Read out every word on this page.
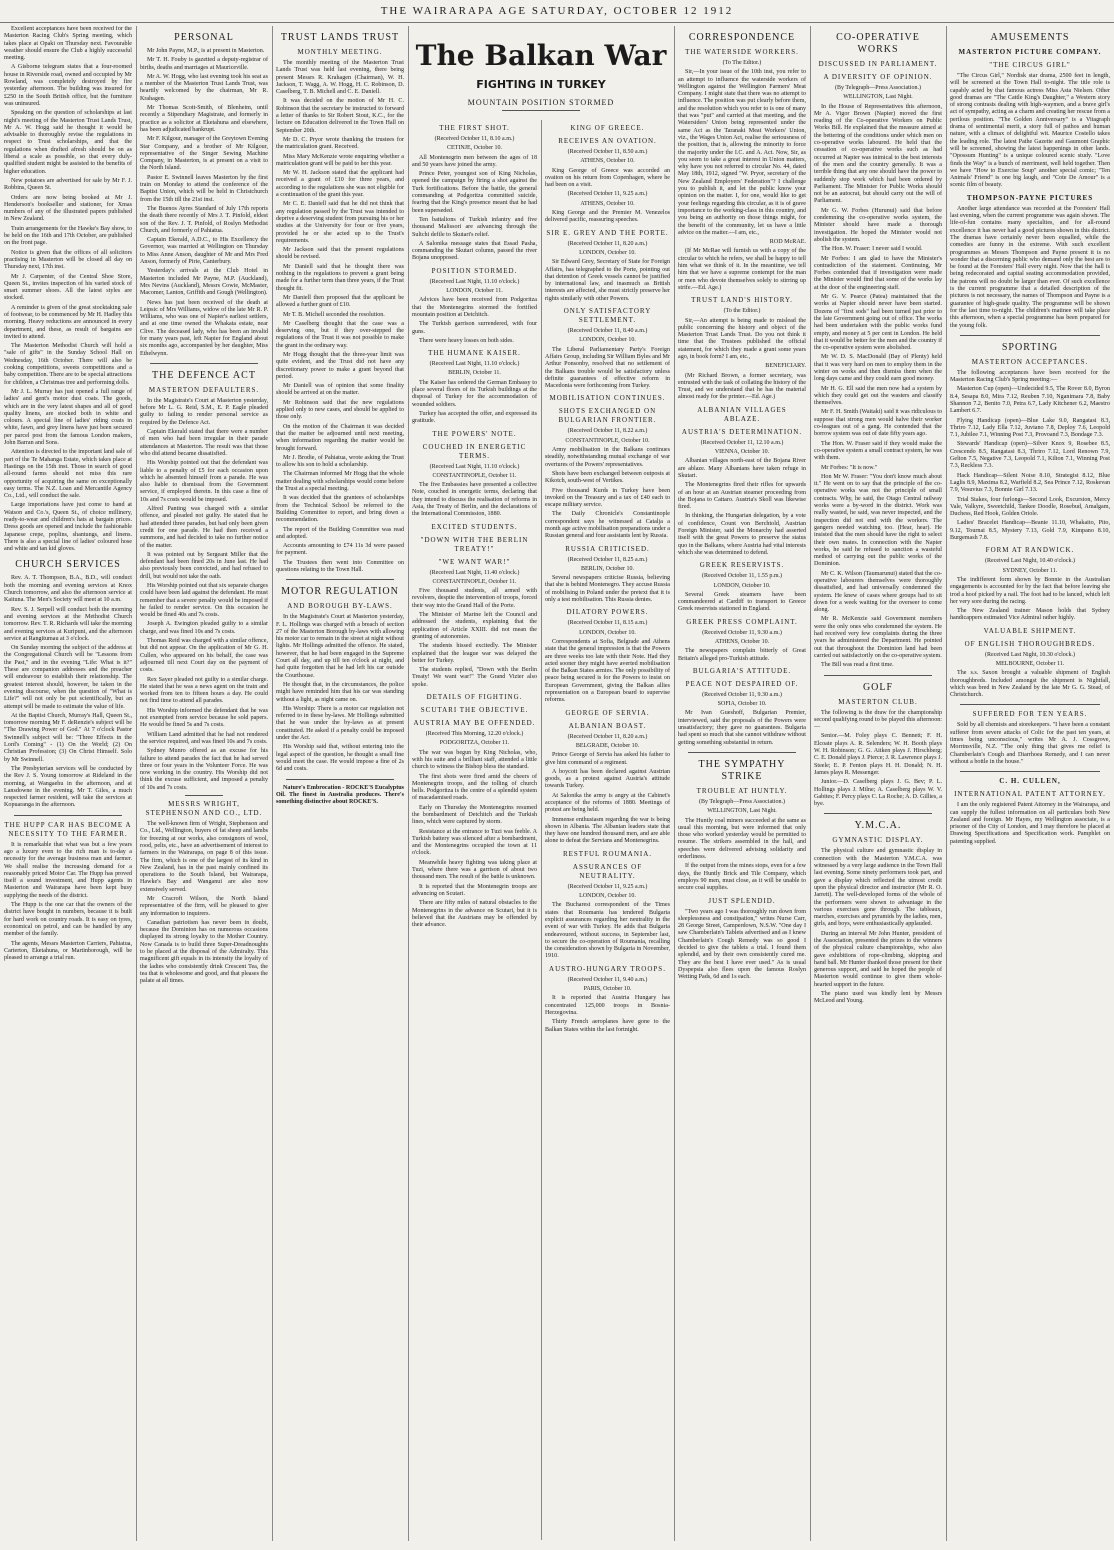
THE WAIRARAPA AGE SATURDAY, OCTOBER 12 1912

Excellent acceptances have been received for the Masterton Racing Club's Spring meeting, which takes place at Opaki on Thursday next. Favourable weather should ensure the Club a highly successful meeting.

A Gisborne telegram states that a four-roomed house in Riverside road, owned and occupied by Mr Rowland, was completely destroyed by fire yesterday afternoon. The building was insured for £250 in the South British office, but the furniture was uninsured.

Speaking on the question of scholarships at last night's meeting of the Masterton Trust Lands Trust, Mr A. W. Hogg said he thought it would be advisable to thoroughly revise the regulations in respect to Trust scholarships, and that the regulations when drafted afresh should be on as liberal a scale as possible, so that every duly-qualified student might be assisted to the benefits of higher education.

New potatoes are advertised for sale by Mr F. J. Robbins, Queen St.

Orders are now being booked at Mr J. Henderson's bookseller and stationer, for Xmas numbers of any of the illustrated papers published in New Zealand.

Train arrangements for the Hawke's Bay show, to be held on the 16th and 17th October, are published on the front page.

Notice is given that the offices of all solicitors practising in Masterton will be closed all day on Thursday next, 17th inst.

Mr J. Carpenter, of the Central Shoe Store, Queen St., invites inspection of his varied stock of smart summer shoes. All the latest styles are stocked.

A reminder is given of the great stocktaking sale of footwear, to be commenced by Mr H. Hadley this morning. Heavy reductions are announced in every department, and these, as result of bargains are invited to attend.

The Masterton Methodist Church will hold a "sale of gifts" in the Sunday School Hall on Wednesday, 16th October. There will also be cooking competitions, sweets competitions and a baby competition. There are to be special attractions for children, a Christmas tree and performing dolls.

Mr J. L. Murray has just opened a full range of ladies' and gent's motor dust coats. The goods, which are in the very latest shapes and all of good quality linens, are stocked both in white and colours. A special line of ladies' riding coats in white, fawn, and grey linens have just been secured per parcel post from the famous London makers, John Barran and Sons.

Attention is directed to the important land sale of part of the Te Mahanga Estate, which takes place at Hastings on the 15th inst. Those in search of good all-round farms should not miss this rare opportunity of acquiring the same on exceptionally easy terms. The N.Z. Loan and Mercantile Agency Co., Ltd., will conduct the sale.

Large importations have just come to hand at Watson and Co.'s, Queen St., of choice millinery, ready-to-wear and children's hats at bargain prices. Dress goods are opened and include the fashionable Japanese crepe, poplins, shantungs, and linens. There is also a special line of ladies' coloured hose and white and tan kid gloves.

CHURCH SERVICES

Rev. A. T. Thompson, B.A., B.D., will conduct both the morning and evening services at Knox Church tomorrow, and also the afternoon service at Kaituna. The Men's Society will meet at 10 a.m.

Rev. S. J. Serpell will conduct both the morning and evening services at the Methodist Church tomorrow. Rev. T. R. Richards will take the morning and evening services at Kuripuni, and the afternoon service at Rangitumau at 3 o'clock.

On Sunday morning the subject of the address at the Congregational Church will be "Lessons from the Past," and in the evening "Life: What is it?" These are companion addresses and the preacher will endeavour to establish their relationship. The greatest interest should, however, be taken in the evening discourse, when the question of "What is Life?" will not only be put scientifically, but an attempt will be made to estimate the value of life.

At the Baptist Church, Murray's Hall, Queen St., tomorrow morning Mr F. deRenzie's subject will be "The Drawing Power of God." At 7 o'clock Pastor Swinnell's subject will be: "Three Effects in the Lord's Coming" - (1) On the World; (2) On Christian Profession; (3) On Christ Himself. Solo by Mr Swinnell.

The Presbyterian services will be conducted by the Rev J. S. Young tomorrow at Rideland in the morning, at Wangaehu in the afternoon, and at Lansdowne in the evening. Mr T. Giles, a much respected farmer resident, will take the services at Kopuaranga in the afternoon.

THE HUPP CAR HAS BECOME A NECESSITY TO THE FARMER.

It is remarkable that what was but a few years ago a luxury even to the rich man is to-day a necessity for the average business man and farmer. We shall realise the increasing demand for a reasonably priced Motor Car. The Hupp has proved itself a sound investment, and Hupp agents in Masterton and Wairarapa have been kept busy supplying the needs of the district.

The Hupp is the one car that the owners of the district have bought in numbers, because it is built for hard work on country roads. It is easy on tyres, economical on petrol, and can be handled by any member of the family.

The agents, Messrs Masterton Carriers, Pahiatua, Carterton, Eketahuna, or Martinborough, will be pleased to arrange a trial run.

PERSONAL

Mr John Payne, M.P., is at present in Masterton.

Mr T. H. Fouby is gazetted a deputy-registrar of births, deaths and marriages at Mauriceville.

Mr A. W. Hogg, who last evening took his seat as a member of the Masterton Trust Lands Trust, was heartily welcomed by the chairman, Mr R. Krahagen.

Mr Thomas Scott-Smith, of Blenheim, until recently a Stipendiary Magistrate, and formerly in practice as a solicitor at Eketahuna and elsewhere, has been adjudicated bankrupt.

Mr F. Kilgour, manager of the Greytown Evening Star Company, and a brother of Mr Kilgour, representative of the Singer Sewing Machine Company, in Masterton, is at present on a visit to the North Island.

Pastor E. Swinnell leaves Masterton by the first train on Monday to attend the conference of the Baptist Union, which will be held in Christchurch from the 15th till the 21st inst.

The Buenos Ayres Standard of July 17th reports the death there recently of Mrs J. T. Pinfold, eldest son of the Rev. J. T. Pinfold, of Roslyn Methodist Church, and formerly of Pahiatua.

Captain Ekerald, A.D.C., to His Excellency the Governor, was married at Wellington on Thursday to Miss Anne Anson, daughter of Mr and Mrs Fred Anson, formerly of Pirie, Canterbury.

Yesterday's arrivals at the Club Hotel in Masterton included Mr Payne, M.P. (Auckland), Mrs Nevins (Auckland), Messrs Cowie, McMaster, Macomer, Lanton, Griffith and Gough (Wellington).

News has just been received of the death at Leipsic of Mrs Williams, widow of the late Mr R. P. Williams, who was one of Napier's earliest settlers, and at one time owned the Whakata estate, near Clive. The deceased lady, who has been an invalid for many years past, left Napier for England about six months ago, accompanied by her daughter, Miss Ethelwynn.

THE DEFENCE ACT
MASTERTON DEFAULTERS.

In the Magistrate's Court at Masterton yesterday, before Mr L. G. Reid, S.M., E. P. Eagle pleaded guilty to failing to render personal service as required by the Defence Act.

Captain Ekerald stated that there were a number of men who had been irregular in their parade attendances at Masterton. The result was that those who did attend became dissatisfied.

His Worship pointed out that the defendant was liable to a penalty of £5 for each occasion upon which he absented himself from a parade. He was also liable to dismissal from the Government service, if employed therein. In this case a fine of 10s and 7s costs would be imposed.

Alfred Panting was charged with a similar offence, and pleaded not guilty. He stated that he had attended three parades, but had only been given credit for one parade. He had then received a summons, and had decided to take no further notice of the matter.

It was pointed out by Sergeant Miller that the defendant had been fined 20s in June last. He had also previously been convicted, and had refused to drill, but would not take the oath.

His Worship pointed out that six separate charges could have been laid against the defendant. He must remember that a severe penalty would be imposed if he failed to render service. On this occasion he would be fined 40s and 7s costs.

Joseph A. Ewington pleaded guilty to a similar charge, and was fined 10s and 7s costs.

Thomas Reid was charged with a similar offence, but did not appear. On the application of Mr G. H. Cullen, who appeared on his behalf, the case was adjourned till next Court day on the payment of costs.

Rex Sayer pleaded not guilty to a similar charge. He stated that he was a news agent on the train and worked from ten to fifteen hours a day. He could not find time to attend all parades.

His Worship informed the defendant that he was not exempted from service because he sold papers. He would be fined 5s and 7s costs.

William Land admitted that he had not rendered the service required, and was fined 10s and 7s costs.

Sydney Munro offered as an excuse for his failure to attend parades the fact that he had served three or four years in the Volunteer Force. He was now working in the country. His Worship did not think the excuse sufficient, and imposed a penalty of 10s and 7s costs.

MESSRS WRIGHT, STEPHENSON AND CO., LTD.

The well-known firm of Wright, Stephenson and Co., Ltd., Wellington, buyers of fat sheep and lambs for freezing at our works, also consignors of wool, rood, pelts, etc., have an advertisement of interest to farmers in the Wairarapa, on page 8 of this issue. The firm, which is one of the largest of its kind in New Zealand, has in the past mainly confined its operations to the South Island, but Wairarapa, Hawke's Bay and Wanganui are also now extensively served.

Mr Cracroft Wilson, the North Island representative of the firm, will be pleased to give any information to inquirers.

Canadian patriotism has never been in doubt, because the Dominion has on numerous occasions displayed its strong loyalty to the Mother Country. Now Canada is to build three Super-Dreadnoughts to be placed at the disposal of the Admiralty. This magnificent gift equals in its intensity the loyalty of the ladies who consistently drink Crescent Tea, the tea that is wholesome and good, and that pleases the palate at all times.

TRUST LANDS TRUST
MONTHLY MEETING.

The monthly meeting of the Masterton Trust Lands Trust was held last evening, there being present Messrs R. Krahagen (Chairman), W. H. Jackson, T. Wagg, A. W. Hogg, H. C. Robinson, D. Caselberg, T. B. Michell and C. E. Daniell.

It was decided on the motion of Mr H. C. Robinson that the secretary be instructed to forward a letter of thanks to Sir Robert Stout, K.C., for the lecture on Education delivered in the Town Hall on September 20th.

Mr D. C. Pryor wrote thanking the trustees for the matriculation grant. Received.

Miss Mary McKenzie wrote enquiring whether a matriculation grant will be paid to her this year.

Mr W. H. Jackson stated that the applicant had received a grant of £10 for three years, and according to the regulations she was not eligible for a continuation of the grant this year.

Mr C. E. Daniell said that he did not think that any regulation passed by the Trust was intended to deprive a deserving student from pursuing his or her studies at the University for four or five years, provided he or she acted up to the Trust's requirements.

Mr Jackson said that the present regulations should be revised.

Mr Daniell said that he thought there was nothing in the regulations to prevent a grant being made for a further term than three years, if the Trust thought fit.

Mr Daniell then proposed that the applicant be allowed a further grant of £10.

Mr T. B. Michell seconded the resolution.

Mr Caselberg thought that the case was a deserving one, but if they over-stepped the regulations of the Trust it was not possible to make the grant in the ordinary way.

Mr Hogg thought that the three-year limit was quite evident, and the Trust did not have any discretionary power to make a grant beyond that period.

Mr Daniell was of opinion that some finality should be arrived at on the matter.

Mr Robinson said that the new regulations applied only to new cases, and should be applied to those only.

On the motion of the Chairman it was decided that the matter be adjourned until next meeting, when information regarding the matter would be brought forward.

Mr J. Brodie, of Pahiatua, wrote asking the Trust to allow his son to hold a scholarship.

The Chairman informed Mr Hogg that the whole matter dealing with scholarships would come before the Trust at a special meeting.

It was decided that the grantees of scholarships from the Technical School be referred to the Building Committee to report, and bring down a recommendation.

The report of the Building Committee was read and adopted.

Accounts amounting to £74 11s 3d were passed for payment.

The Trustees then went into Committee on questions relating to the Town Hall.

MOTOR REGULATION
AND BOROUGH BY-LAWS.

In the Magistrate's Court at Masterton yesterday, F. L. Hollings was charged with a breach of section 27 of the Masterton Borough by-laws with allowing his motor car to remain in the street at night without lights. Mr Hollings admitted the offence. He stated, however, that he had been engaged in the Supreme Court all day, and up till ten o'clock at night, and had quite forgotten that he had left his car outside the Courthouse.

He thought that, in the circumstances, the police might have reminded him that his car was standing without a light, as night came on.

His Worship: There is a motor car regulation not referred to in these by-laws. Mr Hollings submitted that he was under the by-laws as at present constituted. He asked if a penalty could be imposed under the Act.

His Worship said that, without entering into the legal aspect of the question, he thought a small fine would meet the case. He would impose a fine of 2s 6d and costs.

Nature's Embrocation - ROCKE'S Eucalyptus Oil. The finest in Australia produces. There's something distinctive about ROCKE'S.

The Balkan War
FIGHTING IN TURKEY
MOUNTAIN POSITION STORMED
THE FIRST SHOT.
(Received October 11, 8.10 a.m.)
CETINJE, October 10.

All Montenegrin men between the ages of 18 and 50 years have joined the army.

Prince Peter, youngest son of King Nicholas, opened the campaign by firing a shot against the Turk fortifications. Before the battle, the general commanding at Podgoritza committed suicide, fearing that the King's presence meant that he had been superseded.

Ten battalions of Turkish infantry and five thousand Malissori are advancing through the Sultchi defile to Skutari's relief.

A Salonika message states that Essad Pasha, commanding the Skutari column, passed the river Bojana unopposed.

POSITION STORMED.
(Received Last Night, 11.10 o'clock.)
LONDON, October 11.

Advices have been received from Podgoritza that the Montenegrins stormed the fortified mountain position at Detchitch.

The Turkish garrison surrendered, with four guns.

There were heavy losses on both sides.

THE HUMANE KAISER.
(Received Last Night, 11.10 o'clock.)
BERLIN, October 11.

The Kaiser has ordered the German Embassy to place several floors of its Turkish buildings at the disposal of Turkey for the accommodation of wounded soldiers.

Turkey has accepted the offer, and expressed its gratitude.

THE POWERS' NOTE.
COUCHED IN ENERGETIC TERMS.
(Received Last Night, 11.10 o'clock.)
CONSTANTINOPLE, October 11.

The five Embassies have presented a collective Note, couched in energetic terms, declaring that they intend to discuss the realisation of reforms in Asia, the Treaty of Berlin, and the declarations of the International Commission, 1880.

EXCITED STUDENTS.
"DOWN WITH THE BERLIN TREATY!"
"WE WANT WAR!"
(Received Last Night, 11.40 o'clock.)
CONSTANTINOPLE, October 11.

Five thousand students, all armed with revolvers, despite the intervention of troops, forced their way into the Grand Hall of the Porte.

The Minister of Marine left the Council and addressed the students, explaining that the application of Article XXIII. did not mean the granting of autonomies.

The students hissed excitedly. The Minister explained that the league war was delayed the better for Turkey.

The students replied, "Down with the Berlin Treaty! We want war!" The Grand Vizier also spoke.

DETAILS OF FIGHTING.
SCUTARI THE OBJECTIVE.
AUSTRIA MAY BE OFFENDED.
(Received This Morning, 12.20 o'clock.)
PODGORITZA, October 11.

The war was begun by King Nicholas, who, with his suite and a brilliant staff, attended a little church to witness the Bishop bless the standard.

The first shots were fired amid the cheers of Montenegrin troops, and the tolling of church bells. Podgoritza is the centre of a splendid system of macadamised roads.

Early on Thursday the Montenegrins resumed the bombardment of Detchitch and the Turkish lines, which were captured by storm.

Resistance at the entrance to Tuzi was feeble. A Turkish battery was silenced after a bombardment, and the Montenegrins occupied the town at 11 o'clock.

Meanwhile heavy fighting was taking place at Tuzi, where there was a garrison of about two thousand men. The result of the battle is unknown.

It is reported that the Montenegrin troops are advancing on Scutari.

There are fifty miles of natural obstacles to the Montenegrins in the advance on Scutari, but it is believed that the Austrians may be offended by their advance.

KING OF GREECE.
RECEIVES AN OVATION.
(Received October 11, 8.50 a.m.)
ATHENS, October 10.

King George of Greece was accorded an ovation on his return from Copenhagen, where he had been on a visit.

(Received October 11, 9.25 a.m.)
ATHENS, October 10.

King George and the Premier M. Venezelos delivered pacific, reassuring speeches.

SIR E. GREY AND THE PORTE.
(Received October 11, 8.20 a.m.)
LONDON, October 10.

Sir Edward Grey, Secretary of State for Foreign Affairs, has telegraphed to the Porte, pointing out that detention of Greek vessels cannot be justified by international law, and inasmuch as British interests are affected, she must strictly preserve her rights similarly with other Powers.

ONLY SATISFACTORY SETTLEMENT.
(Received October 11, 8.40 a.m.)
LONDON, October 10.

The Liberal Parliamentary Party's Foreign Affairs Group, including Sir William Byles and Mr Arthur Ponsonby, resolved that no settlement of the Balkans trouble would be satisfactory unless definite guarantees of effective reform in Macedonia were forthcoming from Turkey.

MOBILISATION CONTINUES.
SHOTS EXCHANGED ON BULGARIAN FRONTIER.
(Received October 11, 8.22 a.m.)
CONSTANTINOPLE, October 10.

Army mobilisation in the Balkans continues steadily, notwithstanding mutual exchange of war overtures of the Powers' representatives.

Shots have been exchanged between outposts at Kikotch, south-west of Vertikes.

Five thousand Kurds in Turkey have been invoked on the Treasury and a tax of £40 each to escape military service.

The Daily Chronicle's Constantinople correspondent says he witnessed at Catalja a month age active mobilisation preparations under a Russian general and four assistants lent by Russia.

RUSSIA CRITICISED.
(Received October 11, 8.25 a.m.)
BERLIN, October 10.

Several newspapers criticise Russia, believing that she is behind Montenegro. They accuse Russia of mobilising in Poland under the pretext that it is only a test mobilisation. This Russia denies.

DILATORY POWERS.
(Received October 11, 8.15 a.m.)
LONDON, October 10.

Correspondents at Sofia, Belgrade and Athens state that the general impression is that the Powers are three weeks too late with their Note. Had they acted sooner they might have averted mobilisation of the Balkan States armies. The only possibility of peace being secured is for the Powers to insist on European Government, giving the Balkan allies representation on a European board to supervise reforms.

GEORGE OF SERVIA.
ALBANIAN BOAST.
(Received October 11, 8.20 a.m.)
BELGRADE, October 10.

Prince George of Servia has asked his father to give him command of a regiment.

A boycott has been declared against Austrian goods, as a protest against Austria's attitude towards Turkey.

At Salonika the army is angry at the Cabinet's acceptance of the reforms of 1880. Meetings of protest are being held.

Immense enthusiasm regarding the war is being shown in Albania. The Albanian leaders state that they have one hundred thousand men, and are able alone to defeat the Servians and Montenegrins.

RESTFUL ROUMANIA.
ASSURANCES OF NEUTRALITY.
(Received October 11, 9.25 a.m.)
LONDON, October 10.

The Bucharest correspondent of the Times states that Roumania has tendered Bulgaria explicit assurances regarding her neutrality in the event of war with Turkey. He adds that Bulgaria endeavoured, without success, in September last, to secure the co-operation of Roumania, recalling the consideration shown by Bulgaria in November, 1910.

AUSTRO-HUNGARY TROOPS.
(Received October 11, 9.40 a.m.)
PARIS, October 10.

It is reported that Austria Hungary has concentrated 125,000 troops in Bosnia-Herzegovina.

Thirty French aeroplanes have gone to the Balkan States within the last fortnight.

CORRESPONDENCE
THE WATERSIDE WORKERS.
(To The Editor.)

Sir,—In your issue of the 10th inst, you refer to an attempt to influence the waterside workers of Wellington against the Wellington Farmers' Meat Company. I might state that there was no attempt to influence. The position was put clearly before them, and the resolution which you refer to is one of many that was "put" and carried at that meeting, and the Watersiders' Union being represented under the same Act as the Taranaki Meat Workers' Union, viz., the Wages Union Act, realise the seriousness of the position, that is, allowing the minority to force the majority under the I.C. and A. Act. Now, Sir, as you seem to take a great interest in Union matters, why have you not referred to circular No. 44, dated May 18th, 1912, signed "W. Pryor, secretary of the New Zealand Employers' Federation"? I challenge you to publish it, and let the public know your opinion on the matter. I, for one, would like to get your feelings regarding this circular, as it is of grave importance to the working-class in this country, and you being an authority on those things might, for the benefit of the community, let us have a little advice on the matter.—I am, etc.,

ROD McRAE.

(If Mr McRae will furnish us with a copy of the circular to which he refers, we shall be happy to tell him what we think of it. In the meantime, we tell him that we have a supreme contempt for the man or men who devote themselves solely to stirring up strife.—Ed. Age.)

TRUST LAND'S HISTORY.
(To the Editor.)

Sir,—An attempt is being made to mislead the public concerning the history and object of the Masterton Trust Lands Trust. Do you not think it time that the Trustees published the official statement, for which they made a grant some years ago, in book form? I am, etc.,

BENEFICIARY.

(Mr Richard Brown, a former secretary, was entrusted with the task of collating the history of the Trust, and we understand that he has the material almost ready for the printer.—Ed. Age.)

ALBANIAN VILLAGES ABLAZE.
AUSTRIA'S DETERMINATION.
(Received October 11, 12.10 a.m.)
VIENNA, October 10.

Albanian villages north-east of the Bojana River are ablaze. Many Albanians have taken refuge in Skutari.

The Montenegrins fired their rifles for upwards of an hour at an Austrian steamer proceeding from the Bojana to Cattaro. Austria's Skoll was likewise fired.

In thinking, the Hungarian delegation, by a vote of confidence, Count von Berchtold, Austrian Foreign Minister, said the Monarchy had asserted itself with the great Powers to preserve the status quo in the Balkans, where Austria had vital interests which she was determined to defend.

GREEK RESERVISTS.
(Received October 11, 1.55 p.m.)
LONDON, October 10.

Several Greek steamers have been commandeered at Cardiff to transport to Greece Greek reservists stationed in England.

GREEK PRESS COMPLAINT.
(Received October 11, 9.30 a.m.)
ATHENS, October 10.

The newspapers complain bitterly of Great Britain's alleged pro-Turkish attitude.

BULGARIA'S ATTITUDE.
PEACE NOT DESPAIRED OF.
(Received October 11, 9.30 a.m.)
SOFIA, October 10.

Mr Ivan Gueshoff, Bulgarian Premier, interviewed, said the proposals of the Powers were unsatisfactory; they gave no guarantees. Bulgaria had spent so much that she cannot withdraw without getting something substantial in return.

THE SYMPATHY STRIKE
TROUBLE AT HUNTLY.
(By Telegraph—Press Association.)
WELLINGTON, Last Night.

The Huntly coal miners succeeded at the same as usual this morning, but were informed that only those who worked yesterday would be permitted to resume. The strikers assembled in the hall, and speeches were delivered advising solidarity and orderliness.

If the output from the mines stops, even for a few days, the Huntly Brick and Tile Company, which employs 90 men, must close, as it will be unable to secure coal supplies.

JUST SPLENDID.

"Two years ago I was thoroughly run down from sleeplessness and constipation," writes Nurse Carr, 28 George Street, Camperdown, N.S.W. "One day I saw Chamberlain's Tablets advertised and as I knew Chamberlain's Cough Remedy was so good I decided to give the tablets a trial. I found them splendid, and by their own consistently cured me. They are the best I have ever used." As is usual Dyspepsia also flees upon the famous Roslyn Wetting Pads, 6d and 1s each.

CO-OPERATIVE WORKS
DISCUSSED IN PARLIAMENT.
A DIVERSITY OF OPINION.
(By Telegraph—Press Association.)
WELLINGTON, Last Night.

In the House of Representatives this afternoon, Mr A. Vigor Brown (Napier) moved the first reading of the Co-operative Workers on Public Works Bill. He explained that the measure aimed at the bettering of the conditions under which men on co-operative works laboured. He held that the cessation of co-operative works such as had occurred at Napier was inimical to the best interests of the men and the country generally. It was a terrible thing that any one should have the power to suddenly stop work which had been ordered by Parliament. The Minister for Public Works should not be an autocrat, but should carry out the will of Parliament.

Mr G. W. Forbes (Hurunui) said that before condemning the co-operative works system, the Minister should have made a thorough investigation. He hoped the Minister would not abolish the system.

The Hon. W. Fraser: I never said I would.

Mr Forbes: I am glad to have the Minister's contradiction of the statement. Continuing, Mr Forbes contended that if investigation were made the Minister would find that some of the works lay at the door of the engineering staff.

Mr G. V. Pearce (Patea) maintained that the works at Napier should never have been started. Dozens of "first sods" had been turned just prior to the late Government going out of office. The works had been undertaken with the public works fund empty, and money at 5 per cent in London. He held that it would be better for the men and the country if the co-operative system were abolished.

Mr W. D. S. MacDonald (Bay of Plenty) held that it was very hard on men to employ them in the winter on works and then dismiss them when the long days came and they could earn good money.

Mr H. G. Ell said the men now had a system by which they could get out the wasters and classify themselves.

Mr F. H. Smith (Waitaki) said it was ridiculous to suppose that strong men would halve their worker co-leagues out of a gang. He contended that the borrow system was out of date fifty years ago.

The Hon. W. Fraser said if they would make the co-operative system a small contract system, he was with them.

Mr Forbes: "It is now."

Hon Mr W. Fraser: "You don't know much about it." He went on to say that the principle of the co-operative works was not the principle of small contracts. Why, he said, the Otago Central railway works were a by-word in the district. Work was really wasted, he said, was never inspected, and the inspection did not end with the workers. The gangers needed watching too. (Hear, hear). He insisted that the men should have the right to select their own mates. In connection with the Napier works, he said he refused to sanction a wasteful method of carrying out the public works of the Dominion.

Mr C. K. Wilson (Taumarunui) stated that the co-operative labourers themselves were thoroughly dissatisfied, and had universally condemned the system. He knew of cases where groups had to sit down for a week waiting for the overseer to come along.

Mr R. McKenzie said Government members were the only ones who condemned the system. He had received very few complaints during the three years he administered the Department. He pointed out that throughout the Dominion land had been carried out satisfactorily on the co-operative system.

The Bill was read a first time.

GOLF
MASTERTON CLUB.

The following is the draw for the championship second qualifying round to be played this afternoon:—

Senior.—M. Foley plays C. Bennett; F. H. Elcoate plays A. R. Selenders; W. H. Booth plays W. H. Robinson; G. G. Aitken plays J. Hirschberg; C. E. Donald plays J. Pierce; J. R. Lawrence plays J. Steele; E. P. Fenton plays H. H. Donald; N. H. James plays R. Messenger.

Junior.—D. Caselberg plays J. G. Bev; P. L. Hollings plays J. Milne; A. Caselberg plays W. V. Gabites; F. Percy plays C. La Roche; A. D. Gillies, a bye.

Y.M.C.A.
GYMNASTIC DISPLAY.

The physical culture and gymnastic display in connection with the Masterton Y.M.C.A. was witnessed by a very large audience in the Town Hall last evening. Some ninety performers took part, and gave a display which reflected the utmost credit upon the physical director and instructor (Mr R. O. Jarrett). The well-developed forms of the whole of the performers were shown to advantage in the various exercises gone through. The tableaux, marches, exercises and pyramids by the ladies, men, girls, and boys, were enthusiastically applauded.

During an interval Mr John Hunter, president of the Association, presented the prizes to the winners of the physical culture championships, who also gave exhibitions of rope-climbing, skipping and hand ball. Mr Hunter thanked those present for their generous support, and said he hoped the people of Masterton would continue to give them whole-hearted support in the future.

The piano used was kindly lent by Messrs McLeod and Young.

AMUSEMENTS
MASTERTON PICTURE COMPANY.
"THE CIRCUS GIRL"

"The Circus Girl," Nordisk star drama, 2500 feet in length, will be screened at the Town Hall to-night. The title role is capably acted by that famous actress Miss Asta Nielsen. Other good dramas are "The Cattle King's Daughter," a Western story of strong contrasts dealing with high-waymen, and a brave girl's act of sympathy, acting as a charm and creating her rescue from a perilous position. "The Golden Anniversary" is a Vitagraph drama of sentimental merit, a story full of pathos and human nature, with a climax of delightful wit. Maurice Costello takes the leading role. The latest Pathe Gazette and Gaumont Graphic will be screened, showing the latest happenings in other lands. "Opossum Hunting" is a unique coloured scenic study. "Love finds the Way" is a bunch of merriment, well held together. Then we have "How to Exercise Soup" another special comic; "Ten Animals' Friend" is one big laugh, and "Cote De Amour" is a scenic film of beauty.

THOMPSON-PAYNE PICTURES

Another large attendance was recorded at the Foresters' Hall last evening, when the current programme was again shown. The life-of-fun contains many specialties, and for all-round excellence it has never had a good pictures shown in this district. The dramas have certainly never been equalled, while the comedies are funny in the extreme. With such excellent programmes as Messrs Thompson and Payne present it is no wonder that a discerning public who demand only the best are to be found at the Foresters' Hall every night. Now that the hall is being redecorated and capital seating accommodation provided, the patrons will no doubt be larger than ever. Of such excellence is the current programme that a detailed description of the pictures is not necessary, the names of Thompson and Payne is a guarantee of high-grade quality. The programme will be shown for the last time to-night. The children's matinee will take place this afternoon, when a special programme has been prepared for the young folk.

SPORTING
MASTERTON ACCEPTANCES.

The following acceptances have been received for the Masterton Racing Club's Spring meeting:—

Masterton Cup (open)—Undecided 9.5, The Rover 8.0, Byron 8.4, Sesapa 8.0, Mira 7.12, Reuben 7.10, Nganimara 7.8, Baby Shannon 7.2, Benito 7.0, Petra 6.7, Lady Kitchener 6.2, Maestro Lambert 6.7.

Flying Handicap (open)—Blue Lake 9.0, Rangatasi 8.3, Thriro 7.12, Lady Ella 7.12, Juviano 7.8, Deploy 7.6, Leopold 7.1, Jubilee 7.1, Winning Post 7.3, Provoand 7.3, Bondage 7.3.

Stewards' Handicap (open)—Silver Knox 9, Rosebee 8.5, Crescendo 8.5, Rangatasi 8.3, Thriro 7.12, Lord Renown 7.9, Gelton 7.5, Negative 7.3, Leopold 7.1, Kilton 7.1, Winning Post 7.3, Reckless 7.3.

Hack Handicap—Silent Noise 8.10, Strategist 8.12, Blue Laglis 8.9, Maxima 8.2, Warfield 8.2, Sea Prince 7.12, Roskevan 7.9, Vesuvius 7.3, Bonnie Girl 7.13.

Trial Stakes, four furlongs—Second Look, Excursion, Mercy Vale, Valkyre, Sweetchild, Tankee Doodle, Rosebud, Amalgam, Duchess, Red Hook, Golden Oriole.

Ladies' Bracelet Handicap—Beanie 11.10, Whakaito, Pito, 9.12, Tournai 8.5, Mystery 7.13, Gold 7.9, Kimpano 8.10, Burgemash 7.8.

FORM AT RANDWICK.
(Received Last Night, 10.40 o'clock.)
SYDNEY, October 11.

The indifferent form shown by Bonnie in the Australian engagements is accounted for by the fact that before leaving she trod a hoof picked by a nail. The foot had to be lanced, which left her very sore during the racing.

The New Zealand trainer Mason holds that Sydney handicappers estimated Vice Admiral rather highly.

VALUABLE SHIPMENT.
OF ENGLISH THOROUGHBREDS.
(Received Last Night, 10.30 o'clock.)
MELBOURNE, October 11.

The s.s. Saxon brought a valuable shipment of English thoroughbreds. Included amongst the shipment is Nightfall, which was bred in New Zealand by the late Mr G. G. Stead, of Christchurch.

SUFFERED FOR TEN YEARS.

Sold by all chemists and storekeepers. "I have been a constant sufferer from severe attacks of Colic for the past ten years, at times being unconscious," writes Mr A. J. Cossgrove, Morrinsville, N.Z. "The only thing that gives me relief is Chamberlain's Cough and Diarrhoea Remedy, and I can never without a bottle in the house."

C. H. CULLEN,
INTERNATIONAL PATENT ATTORNEY.

I am the only registered Patent Attorney in the Wairarapa, and can supply the fullest information on all particulars both New Zealand and foreign. Mr Hayes, my Wellington associate, is a prisoner of the City of London, and I may therefore be placed at Drawing Specifications and Specification work. Pamphlet on patenting supplied.
